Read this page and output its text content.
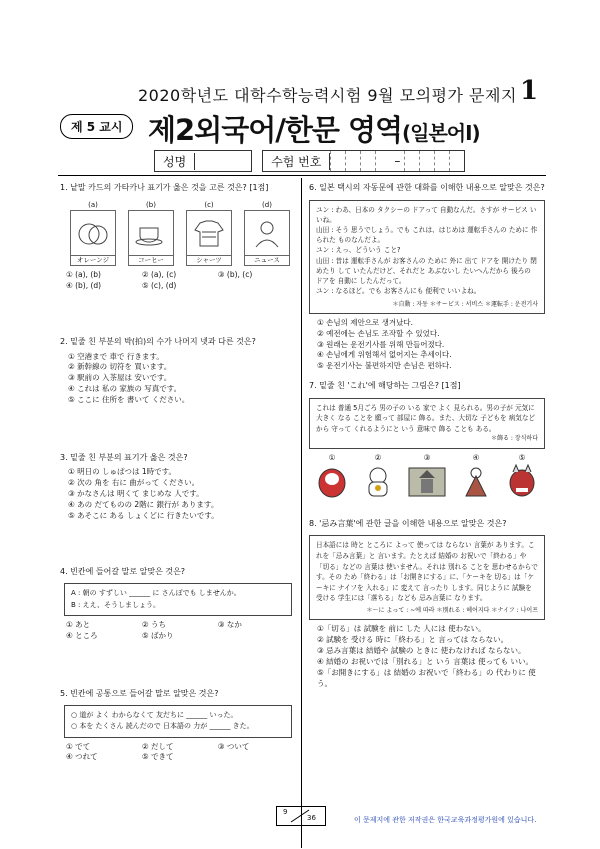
2020학년도 대학수학능력시험 9월 모의평가 문제지 1
제 5 교시 제2외국어/한문 영역(일본어Ⅰ)
성명	수험 번호	–

1. 낱말 카드의 가타카나 표기가 옳은 것을 고른 것은? [1점]

(a)
オレーンジ
(b)
コーヒー
(c)
シャーツ
(d)
ニュース
① (a), (b)	② (a), (c)	③ (b), (c)
④ (b), (d)	⑤ (c), (d)

2. 밑줄 친 부분의 박(拍)의 수가 나머지 넷과 다른 것은?

① 空港まで 車で 行きます。
② 新幹線の 切符を 買います。
③ 駅前の 入茶屋は 安いです。
④ これは 私の 家族の 写真です。
⑤ ここに 住所を 書いて ください。

3. 밑줄 친 부분의 표기가 옳은 것은?

① 明日の しゅぱつは 1時です。
② 次の 角を 右に 曲がって ください。
③ かなさんは 明くて まじめな 人です。
④ あの だてものの 2階に 銀行が あります。
⑤ あそこに ある しょくどに 行きたいです。

4. 빈칸에 들어갈 말로 알맞은 것은?

A : 朝の すずしい ______ に さんぽでも しませんか。
B : ええ、そうしましょう。
① あと	② うち	③ なか
④ ところ	⑤ ばかり

5. 빈칸에 공통으로 들어갈 말로 알맞은 것은?

○ 道が よく わからなくて 友だちに ______ いった。
○ 本を たくさん 読んだので 日本語の 力が ______ きた。
① でて	② だして	③ ついて
④ つれて	⑤ できて

6. 일본 택시의 자동문에 관한 대화를 이해한 내용으로 알맞은 것은?

ユン : わあ、日本の タクシーの ドアって 自動なんだ。さすが サービス いいね。
山田 : そう 思うでしょう。でも これは、はじめは 運転手さんの ために 作られた ものなんだよ。
ユン : えっ、どういう こと?
山田 : 昔は 運転手さんが お客さんの ために 外に 出て ドアを 開けたり 閉めたり して いたんだけど、それだと あぶないし たいへんだから 後ろの ドアを 自動に したんだって。
ユン : なるほど。でも お客さんにも 便利で いいよね。
＊自動 : 자동 ＊サービス : 서비스 ＊運転手 : 운전기사
① 손님의 제안으로 생겨났다.
② 예전에는 손님도 조작할 수 있었다.
③ 원래는 운전기사를 위해 만들어졌다.
④ 손님에게 위험해서 없어지는 추세이다.
⑤ 운전기사는 불편하지만 손님은 편하다.

7. 밑줄 친 'これ'에 해당하는 그림은? [1점]

これは 普通 5月ごろ 男の子の いる 家で よく 見られる。男の子が 元気に 大きく なる ことを 願って 部屋に 飾る。また、大切な 子どもを 病気などから 守って くれるようにと いう 意味で 飾る ことも ある。
＊飾る : 장식하다
①	②	③	④	⑤

8. '忌み言葉'에 관한 글을 이해한 내용으로 알맞은 것은?

日本語には 時と ところに よって 使っては ならない 言葉が あります。これを「忌み言葉」と 言います。たとえば 結婚の お祝いで「終わる」や「切る」などの 言葉は 使いません。それは 別れる ことを 思わせるからです。その ため「終わる」は「お開きにする」に、「ケーキを 切る」は「ケーキに ナイフを 入れる」に 変えて 言ったり します。同じように 試験を 受ける 学生には「落ちる」なども 忌み言葉に なります。
＊～に よって : ~에 따라 ＊別れる : 헤어지다 ＊ナイフ : 나이프
①「切る」は 試験を 前に した 人には 使わない。
② 試験を 受ける 時に「終わる」と 言っては ならない。
③ 忌み言葉は 結婚や 試験の ときに 使わなければ ならない。
④ 結婚の お祝いでは「別れる」と いう 言葉は 使っても いい。
⑤「お開きにする」は 結婚の お祝いで「終わる」の 代わりに 使う。
9
36	이 문제지에 관한 저작권은 한국교육과정평가원에 있습니다.
